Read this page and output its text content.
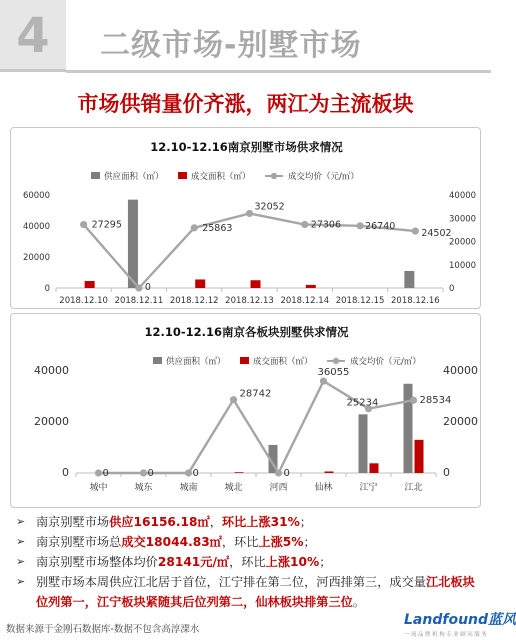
4	二级市场-别墅市场
市场供销量价齐涨，两江为主流板块
12.10-12.16南京别墅市场供求情况
供应面积（㎡）	成交面积（㎡）	成交均价（元/㎡）
0
20000
40000
60000
0
10000
20000
30000
40000
27295
0
25863
32052
27306	26740
24502
2018.12.10 2018.12.11 2018.12.12 2018.12.13 2018.12.14 2018.12.15 2018.12.16
12.10-12.16南京各板块别墅供求情况
供应面积（㎡）	成交面积（㎡）	成交均价（元/㎡）
0
20000
40000
0
20000
40000
0	0	0
28742
0
36055
25234	28534
城中	城东	城南	城北	河西	仙林	江宁	江北
➢ 南京别墅市场供应16156.18㎡，环比上涨31%；
➢ 南京别墅市场总成交18044.83㎡，环比上涨5%；
➢ 南京别墅市场整体均价28141元/㎡，环比上涨10%；
➢ 别墅市场本周供应江北居于首位，江宁排在第二位，河西排第三，成交量江北板块位列第一，江宁板块紧随其后位列第二，仙林板块排第三位。
数据来源于金刚石数据库-数据不包含高淳溧水
Landfound蓝风
一 流 品 牌 机 构 专 业 顾 问 服 务
